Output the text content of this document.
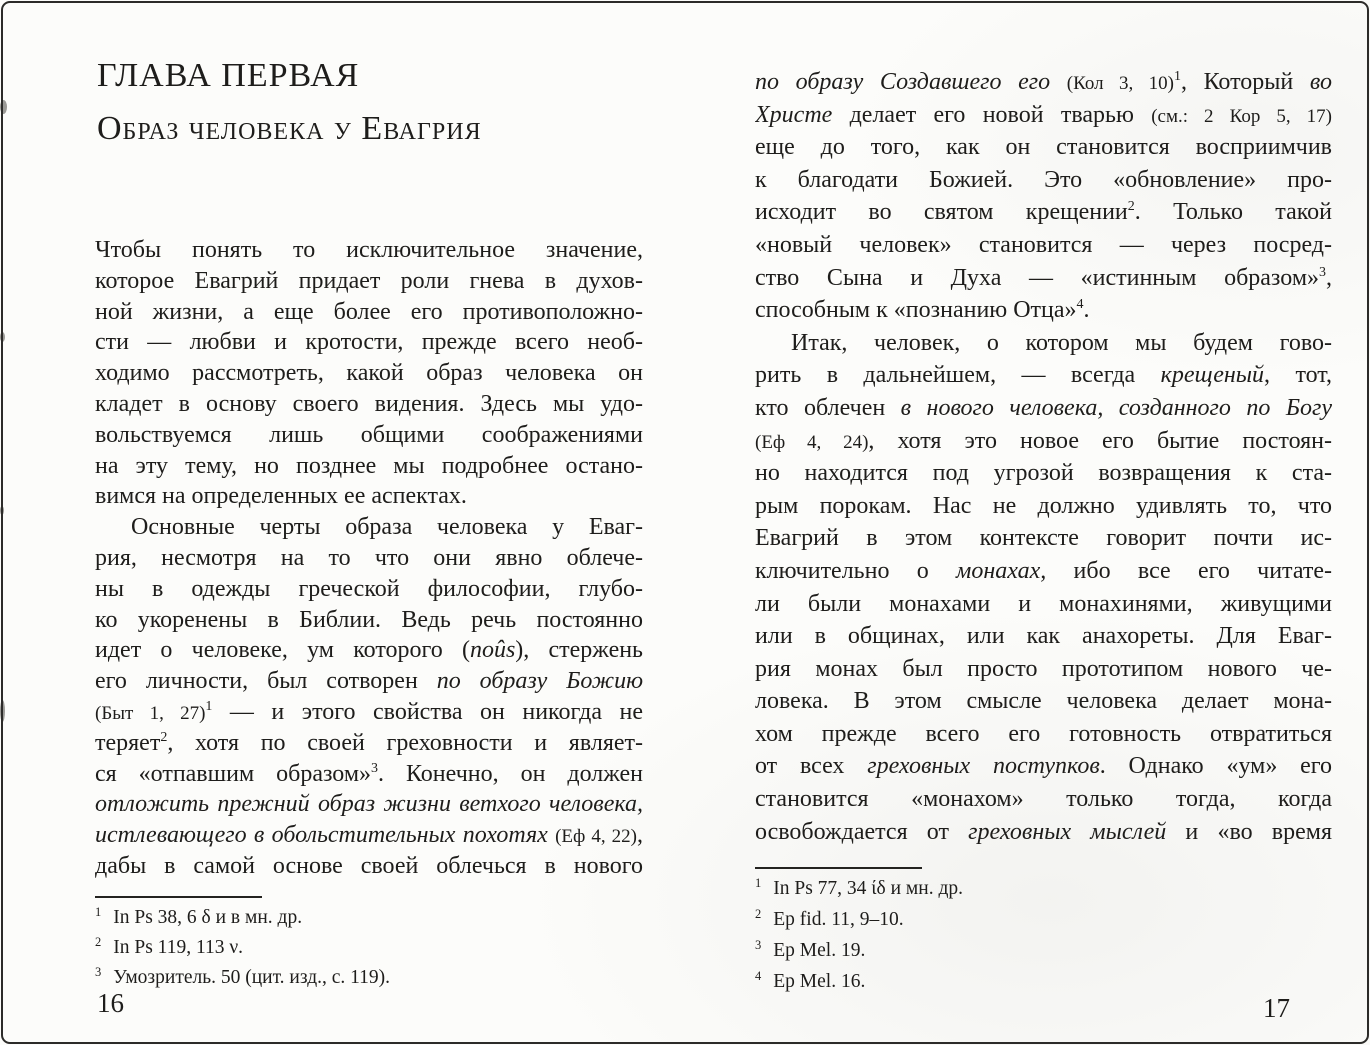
ГЛАВА ПЕРВАЯ
Образ человека у Евагрия
Чтобы понять то исключительное значение,
которое Евагрий придает роли гнева в духов-
ной жизни, а еще более его противоположно-
сти — любви и кротости, прежде всего необ-
ходимо рассмотреть, какой образ человека он
кладет в основу своего видения. Здесь мы удо-
вольствуемся лишь общими соображениями
на эту тему, но позднее мы подробнее остано-
вимся на определенных ее аспектах.
Основные черты образа человека у Еваг-
рия, несмотря на то что они явно облече-
ны в одежды греческой философии, глубо-
ко укоренены в Библии. Ведь речь постоянно
идет о человеке, ум которого (noûs), стержень
его личности, был сотворен по образу Божию
(Быт 1, 27)$^1$ — и этого свойства он никогда не
теряет$^2$, хотя по своей греховности и являет-
ся «отпавшим образом»$^3$. Конечно, он должен
отложить прежний образ жизни ветхого человека,
истлевающего в обольстительных похотях (Еф 4, 22),
дабы в самой основе своей облечься в нового
по образу Создавшего его (Кол 3, 10)$^1$, Который во
Христе делает его новой тварью (см.: 2 Кор 5, 17)
еще до того, как он становится восприимчив
к благодати Божией. Это «обновление» про-
исходит во святом крещении$^2$. Только такой
«новый человек» становится — через посред-
ство Сына и Духа — «истинным образом»$^3$,
способным к «познанию Отца»$^4$.
Итак, человек, о котором мы будем гово-
рить в дальнейшем, — всегда крещеный, тот,
кто облечен в нового человека, созданного по Богу
(Еф 4, 24), хотя это новое его бытие постоян-
но находится под угрозой возвращения к ста-
рым порокам. Нас не должно удивлять то, что
Евагрий в этом контексте говорит почти ис-
ключительно о монахах, ибо все его читате-
ли были монахами и монахинями, живущими
или в общинах, или как анахореты. Для Еваг-
рия монах был просто прототипом нового че-
ловека. В этом смысле человека делает мона-
хом прежде всего его готовность отвратиться
от всех греховных поступков. Однако «ум» его
становится «монахом» только тогда, когда
освобождается от греховных мыслей и «во время
$^1$ In Ps 38, 6 δ и в мн. др.
$^2$ In Ps 119, 113 ν.
$^3$ Умозритель. 50 (цит. изд., с. 119).
$^1$ In Ps 77, 34 ίδ и мн. др.
$^2$ Ep fid. 11, 9–10.
$^3$ Ep Mel. 19.
$^4$ Ep Mel. 16.
16	17
